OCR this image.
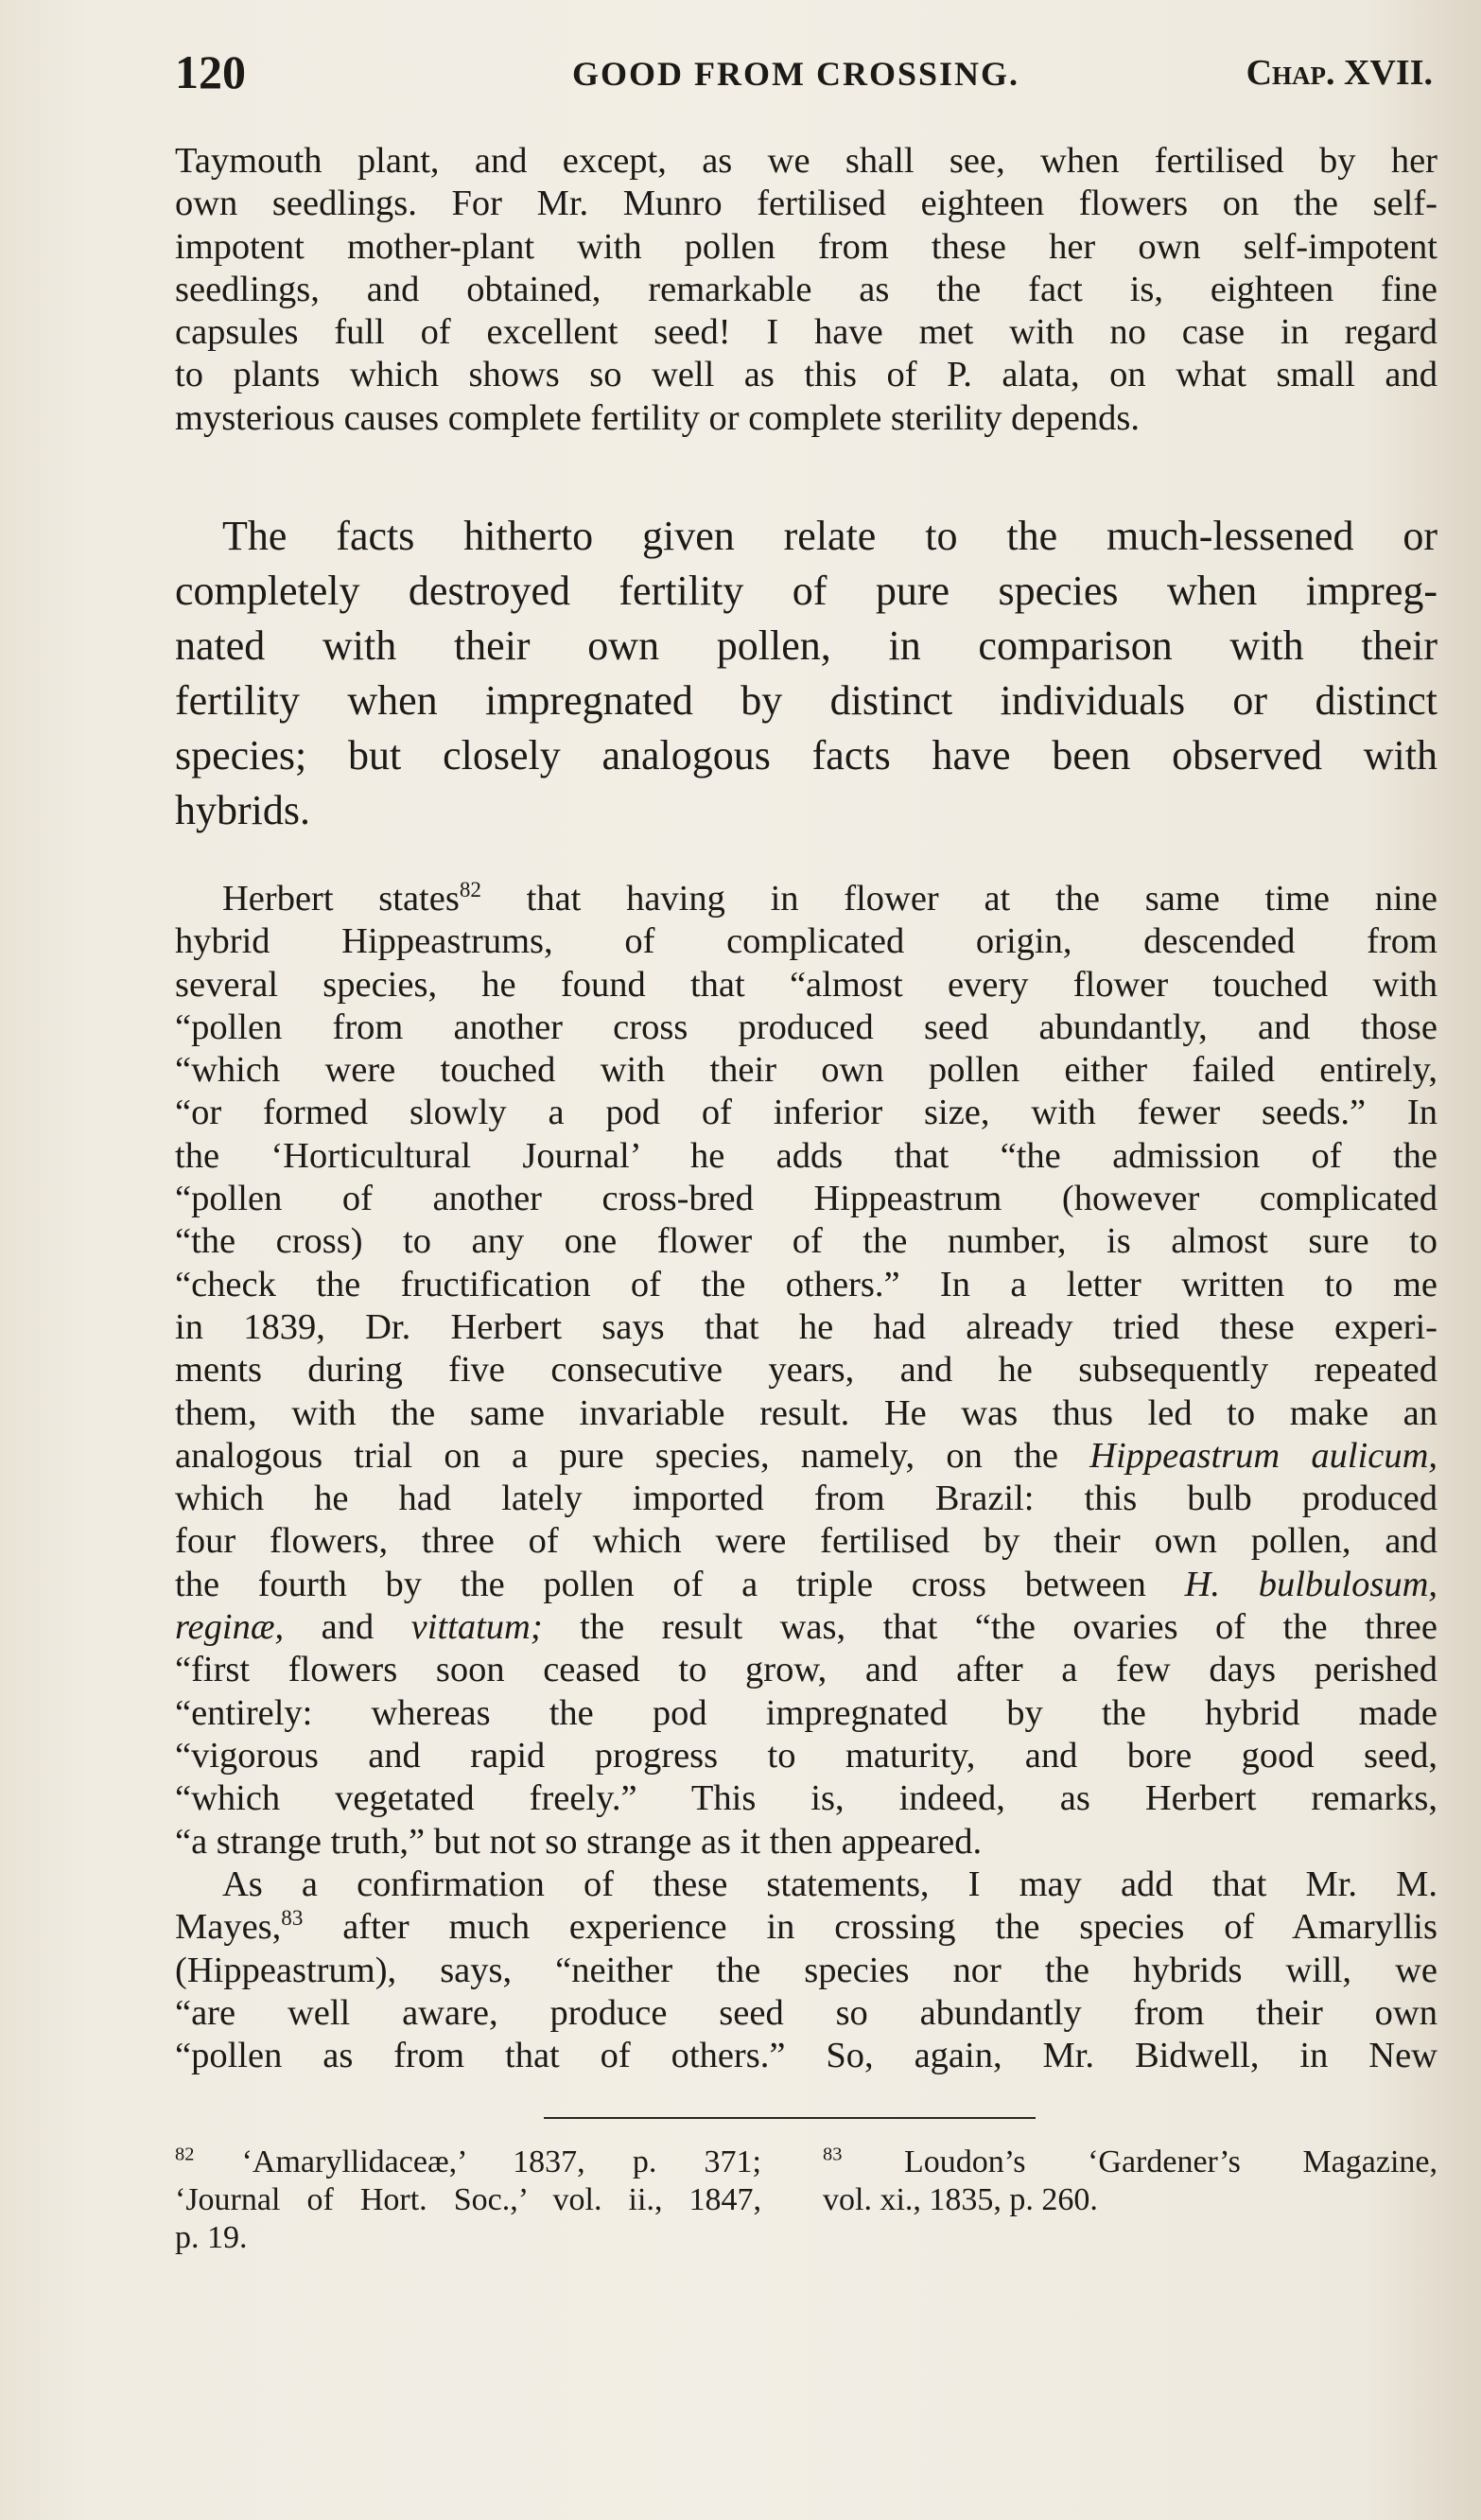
120	GOOD FROM CROSSING.	Chap. XVII.
Taymouth plant, and except, as we shall see, when fertilised by her
own seedlings. For Mr. Munro fertilised eighteen flowers on the self-
impotent mother-plant with pollen from these her own self-impotent
seedlings, and obtained, remarkable as the fact is, eighteen fine
capsules full of excellent seed! I have met with no case in regard
to plants which shows so well as this of P. alata, on what small and
mysterious causes complete fertility or complete sterility depends.
The facts hitherto given relate to the much-lessened or
completely destroyed fertility of pure species when impreg-
nated with their own pollen, in comparison with their
fertility when impregnated by distinct individuals or distinct
species; but closely analogous facts have been observed with
hybrids.
Herbert states$^{82}$ that having in flower at the same time nine
hybrid Hippeastrums, of complicated origin, descended from
several species, he found that “almost every flower touched with
“pollen from another cross produced seed abundantly, and those
“which were touched with their own pollen either failed entirely,
“or formed slowly a pod of inferior size, with fewer seeds.” In
the ‘Horticultural Journal’ he adds that “the admission of the
“pollen of another cross-bred Hippeastrum (however complicated
“the cross) to any one flower of the number, is almost sure to
“check the fructification of the others.” In a letter written to me
in 1839, Dr. Herbert says that he had already tried these experi-
ments during five consecutive years, and he subsequently repeated
them, with the same invariable result. He was thus led to make an
analogous trial on a pure species, namely, on the Hippeastrum aulicum,
which he had lately imported from Brazil: this bulb produced
four flowers, three of which were fertilised by their own pollen, and
the fourth by the pollen of a triple cross between H. bulbulosum,
reginæ, and vittatum; the result was, that “the ovaries of the three
“first flowers soon ceased to grow, and after a few days perished
“entirely: whereas the pod impregnated by the hybrid made
“vigorous and rapid progress to maturity, and bore good seed,
“which vegetated freely.” This is, indeed, as Herbert remarks,
“a strange truth,” but not so strange as it then appeared.
As a confirmation of these statements, I may add that Mr. M.
Mayes,$^{83}$ after much experience in crossing the species of Amaryllis
(Hippeastrum), says, “neither the species nor the hybrids will, we
“are well aware, produce seed so abundantly from their own
“pollen as from that of others.” So, again, Mr. Bidwell, in New
$^{82}$ ‘Amaryllidaceæ,’ 1837, p. 371;
‘Journal of Hort. Soc.,’ vol. ii., 1847,
p. 19.
$^{83}$ Loudon’s ‘Gardener’s Magazine,
vol. xi., 1835, p. 260.
